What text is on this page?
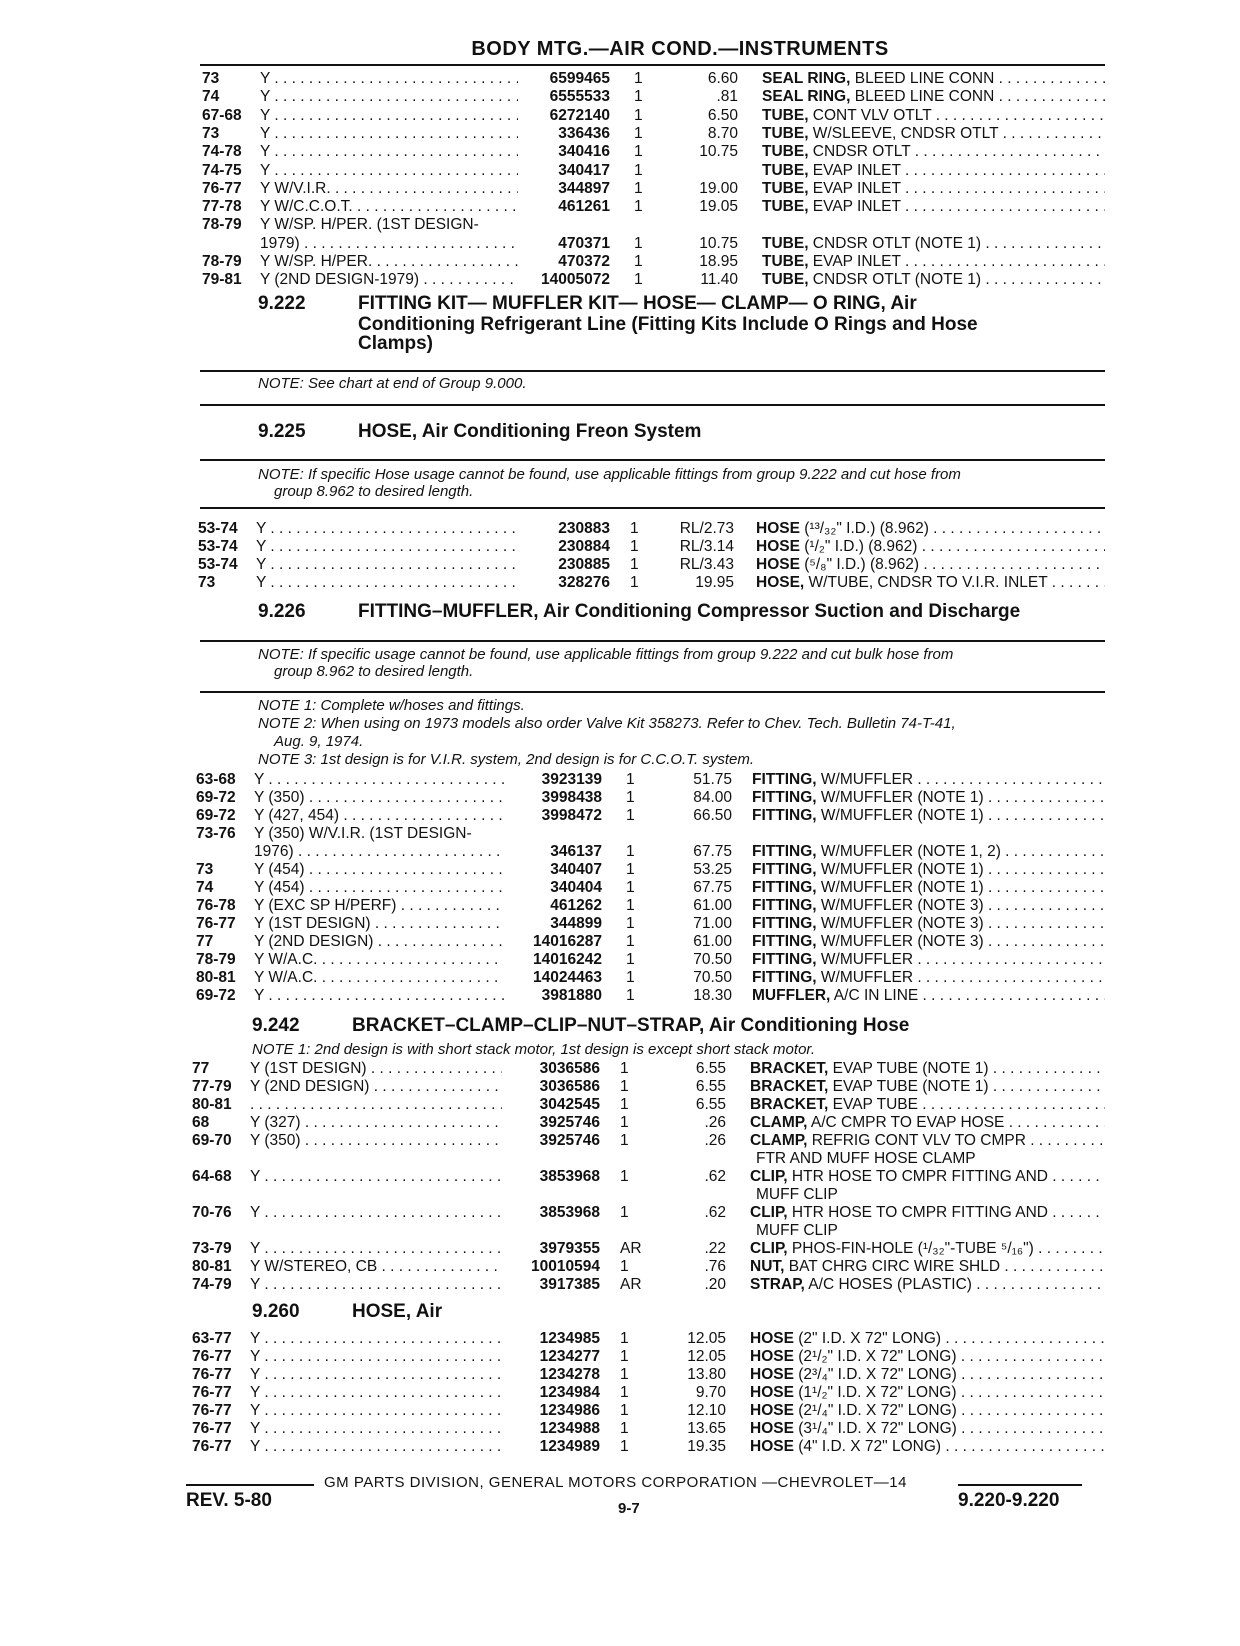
BODY MTG.—AIR COND.—INSTRUMENTS
73	Y . . .	6599465 1	6.60 SEAL RING, BLEED LINE CONN . . .
74	Y . . .	6555533 1	.81 SEAL RING, BLEED LINE CONN . . .
67-68	Y . . .	6272140 1	6.50 TUBE, CONT VLV OTLT . . .
73	Y . . .	336436 1	8.70 TUBE, W/SLEEVE, CNDSR OTLT . . .
74-78	Y . . .	340416 1	10.75 TUBE, CNDSR OTLT . . .
74-75	Y . . .	340417 1	TUBE, EVAP INLET . . .
76-77	Y W/V.I.R. . . .	344897 1	19.00 TUBE, EVAP INLET . . .
77-78	Y W/C.C.O.T. . . .	461261 1	19.05 TUBE, EVAP INLET . . .
78-79	Y W/SP. H/PER. (1ST DESIGN-
1979) . . .	470371 1	10.75 TUBE, CNDSR OTLT (NOTE 1) . . .
78-79	Y W/SP. H/PER. . . .	470372 1	18.95 TUBE, EVAP INLET . . .
79-81	Y (2ND DESIGN-1979) . . .	14005072 1	11.40 TUBE, CNDSR OTLT (NOTE 1) . . .
9.222	FITTING KIT— MUFFLER KIT— HOSE— CLAMP— O RING, Air
Conditioning Refrigerant Line (Fitting Kits Include O Rings and Hose
Clamps)
NOTE: See chart at end of Group 9.000.
9.225	HOSE, Air Conditioning Freon System
NOTE: If specific Hose usage cannot be found, use applicable fittings from group 9.222 and cut hose from
group 8.962 to desired length.
53-74	Y . . .	230883 1	RL/2.73 HOSE (¹³/₃₂" I.D.) (8.962) . . .
53-74	Y . . .	230884 1	RL/3.14 HOSE (¹/₂" I.D.) (8.962) . . .
53-74	Y . . .	230885 1	RL/3.43 HOSE (⁵/₈" I.D.) (8.962) . . .
73	Y . . .	328276 1	19.95 HOSE, W/TUBE, CNDSR TO V.I.R. INLET . . .
9.226	FITTING–MUFFLER, Air Conditioning Compressor Suction and Discharge
NOTE: If specific usage cannot be found, use applicable fittings from group 9.222 and cut bulk hose from
group 8.962 to desired length.
NOTE 1: Complete w/hoses and fittings.
NOTE 2: When using on 1973 models also order Valve Kit 358273. Refer to Chev. Tech. Bulletin 74-T-41,
Aug. 9, 1974.
NOTE 3: 1st design is for V.I.R. system, 2nd design is for C.C.O.T. system.
63-68	Y . . .	3923139 1	51.75 FITTING, W/MUFFLER . . .
69-72	Y (350) . . .	3998438 1	84.00 FITTING, W/MUFFLER (NOTE 1) . . .
69-72	Y (427, 454) . . .	3998472 1	66.50 FITTING, W/MUFFLER (NOTE 1) . . .
73-76	Y (350) W/V.I.R. (1ST DESIGN-
1976) . . .	346137 1	67.75 FITTING, W/MUFFLER (NOTE 1, 2) . . .
73	Y (454) . . .	340407 1	53.25 FITTING, W/MUFFLER (NOTE 1) . . .
74	Y (454) . . .	340404 1	67.75 FITTING, W/MUFFLER (NOTE 1) . . .
76-78	Y (EXC SP H/PERF) . . .	461262 1	61.00 FITTING, W/MUFFLER (NOTE 3) . . .
76-77	Y (1ST DESIGN) . . .	344899 1	71.00 FITTING, W/MUFFLER (NOTE 3) . . .
77	Y (2ND DESIGN) . . .	14016287 1	61.00 FITTING, W/MUFFLER (NOTE 3) . . .
78-79	Y W/A.C. . . .	14016242 1	70.50 FITTING, W/MUFFLER . . .
80-81	Y W/A.C. . . .	14024463 1	70.50 FITTING, W/MUFFLER . . .
69-72	Y . . .	3981880 1	18.30 MUFFLER, A/C IN LINE . . .
9.242	BRACKET–CLAMP–CLIP–NUT–STRAP, Air Conditioning Hose
NOTE 1: 2nd design is with short stack motor, 1st design is except short stack motor.
77	Y (1ST DESIGN) . . .	3036586 1	6.55 BRACKET, EVAP TUBE (NOTE 1) . . .
77-79	Y (2ND DESIGN) . . .	3036586 1	6.55 BRACKET, EVAP TUBE (NOTE 1) . . .
80-81
. . .	3042545 1	6.55 BRACKET, EVAP TUBE . . .
68	Y (327) . . .	3925746 1	.26 CLAMP, A/C CMPR TO EVAP HOSE . . .
69-70	Y (350) . . .	3925746 1	.26 CLAMP, REFRIG CONT VLV TO CMPR . . .
FTR AND MUFF HOSE CLAMP
64-68	Y . . .	3853968 1	.62 CLIP, HTR HOSE TO CMPR FITTING AND . . .
MUFF CLIP
70-76	Y . . .	3853968 1	.62 CLIP, HTR HOSE TO CMPR FITTING AND . . .
MUFF CLIP
73-79	Y . . .	3979355 AR	.22 CLIP, PHOS-FIN-HOLE (¹/₃₂"-TUBE ⁵/₁₆") . . .
80-81	Y W/STEREO, CB . . .	10010594 1	.76 NUT, BAT CHRG CIRC WIRE SHLD . . .
74-79	Y . . .	3917385 AR	.20 STRAP, A/C HOSES (PLASTIC) . . .
9.260	HOSE, Air
63-77	Y . . .	1234985 1	12.05 HOSE (2" I.D. X 72" LONG) . . .
76-77	Y . . .	1234277 1	12.05 HOSE (2¹/₂" I.D. X 72" LONG) . . .
76-77	Y . . .	1234278 1	13.80 HOSE (2³/₄" I.D. X 72" LONG) . . .
76-77	Y . . .	1234984 1	9.70 HOSE (1¹/₂" I.D. X 72" LONG) . . .
76-77	Y . . .	1234986 1	12.10 HOSE (2¹/₄" I.D. X 72" LONG) . . .
76-77	Y . . .	1234988 1	13.65 HOSE (3¹/₄" I.D. X 72" LONG) . . .
76-77	Y . . .	1234989 1	19.35 HOSE (4" I.D. X 72" LONG) . . .
GM PARTS DIVISION, GENERAL MOTORS CORPORATION —CHEVROLET—14
REV. 5-80	9-7	9.220-9.220
